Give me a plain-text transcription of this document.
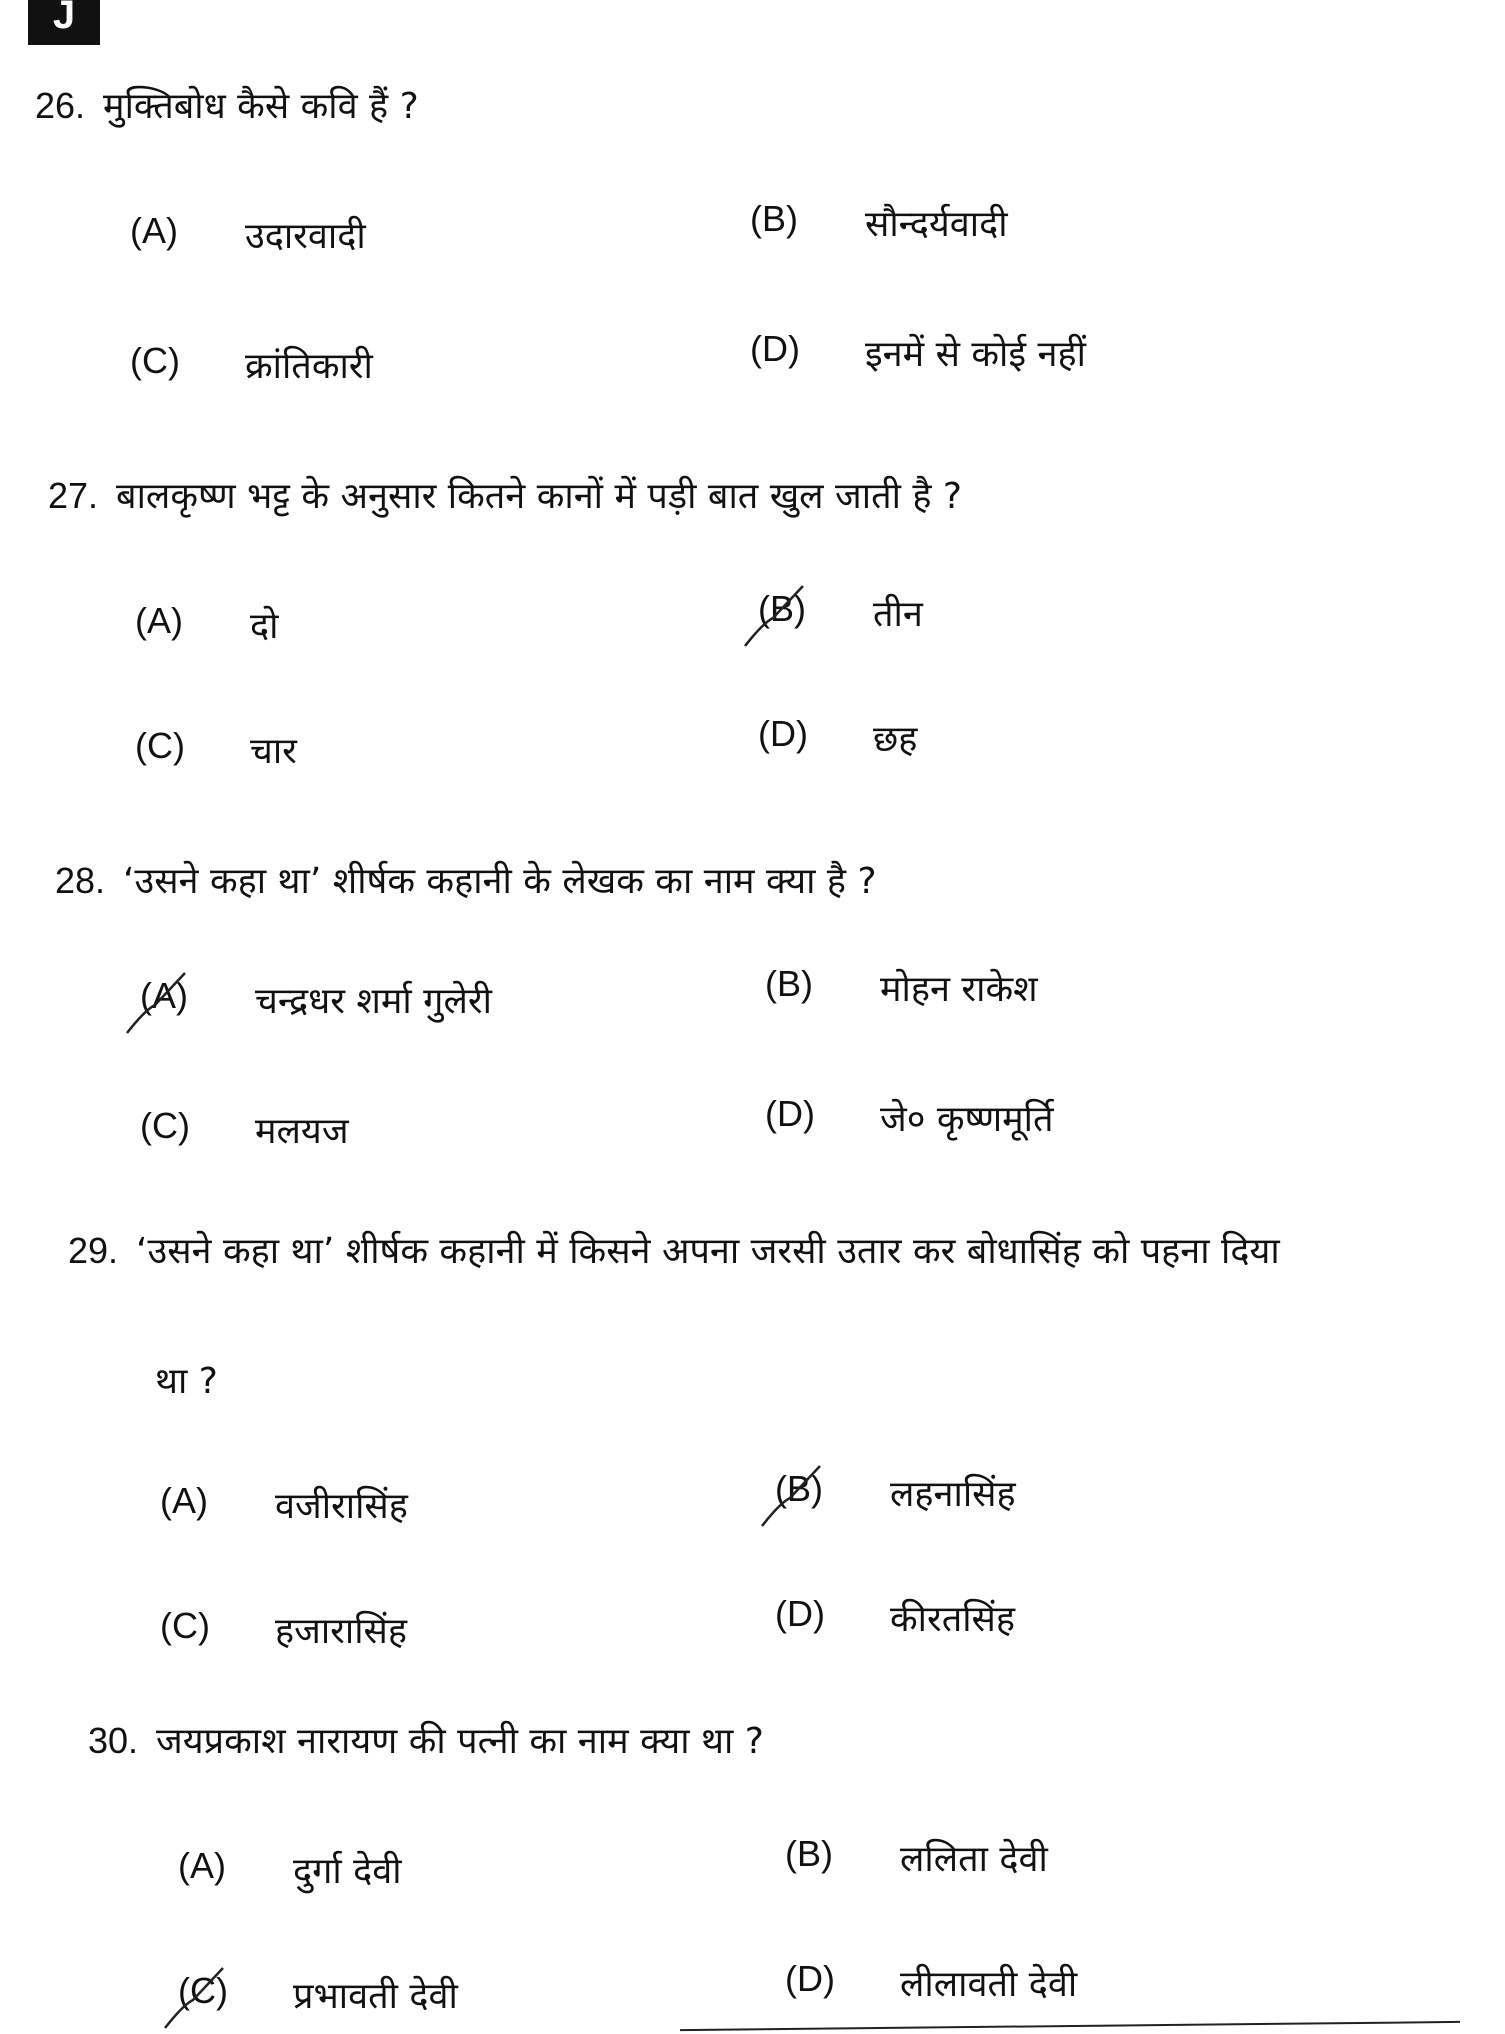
J
26. मुक्तिबोध कैसे कवि हैं ?
(A) उदारवादी	(B) सौन्दर्यवादी
(C) क्रांतिकारी	(D) इनमें से कोई नहीं
27. बालकृष्ण भट्ट के अनुसार कितने कानों में पड़ी बात खुल जाती है ?
(A) दो	(B) तीन
(C) चार	(D) छह
28. ‘उसने कहा था’ शीर्षक कहानी के लेखक का नाम क्या है ?
(A) चन्द्रधर शर्मा गुलेरी	(B) मोहन राकेश
(C) मलयज	(D) जे० कृष्णमूर्ति
29. ‘उसने कहा था’ शीर्षक कहानी में किसने अपना जरसी उतार कर बोधासिंह को पहना दिया
था ?
(A) वजीरासिंह	(B) लहनासिंह
(C) हजारासिंह	(D) कीरतसिंह
30. जयप्रकाश नारायण की पत्नी का नाम क्या था ?
(A) दुर्गा देवी	(B) ललिता देवी
(C) प्रभावती देवी	(D) लीलावती देवी
